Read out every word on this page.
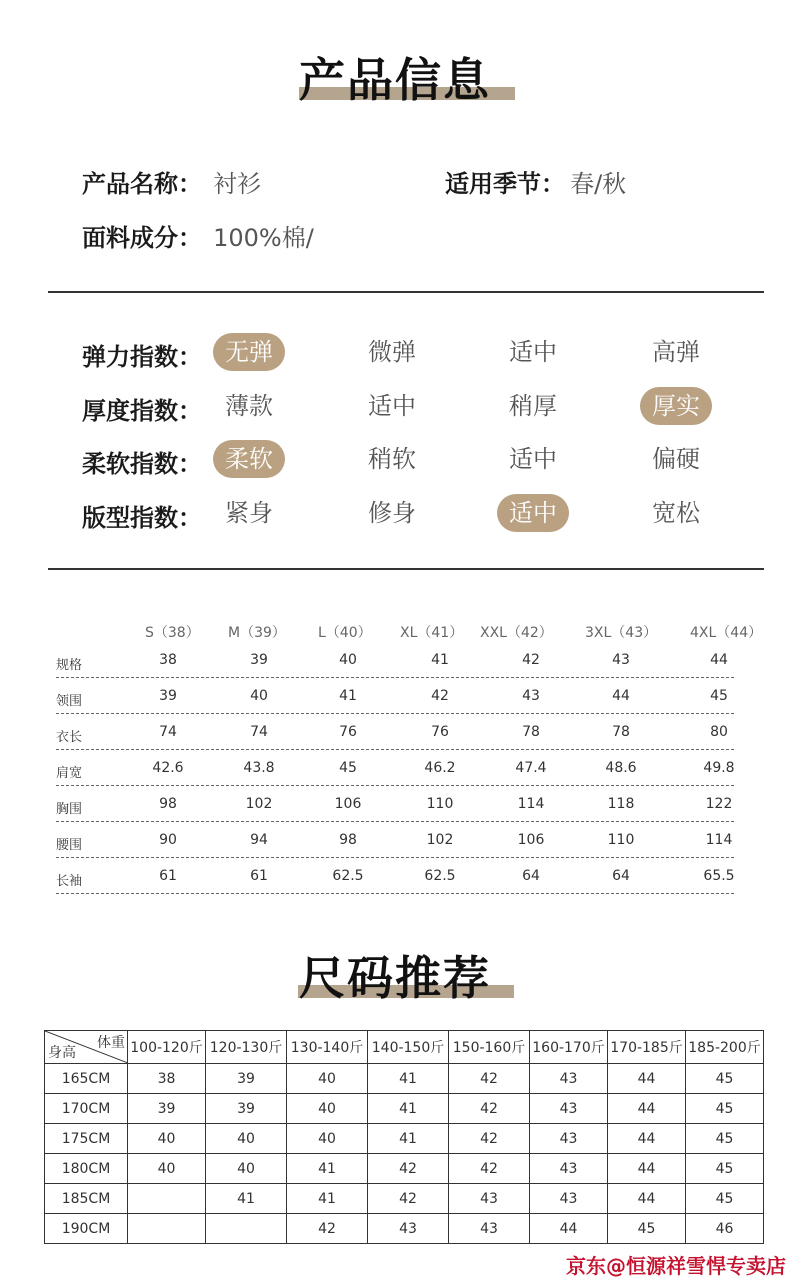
产品信息
产品名称： 衬衫	适用季节： 春/秋
面料成分： 100%棉/
弹力指数： 无弹	微弹	适中	高弹
厚度指数： 薄款	适中	稍厚	厚实
柔软指数： 柔软	稍软	适中	偏硬
版型指数： 紧身	修身	适中	宽松
S（38） M（39） L（40） XL（41） XXL（42） 3XL（43） 4XL（44）
规格	38	39	40	41	42	43	44
领围	39	40	41	42	43	44	45
衣长	74	74	76	76	78	78	80
肩宽	42.6	43.8	45	46.2	47.4	48.6	49.8
胸围	98	102	106	110	114	118	122
腰围	90	94	98	102	106	110	114
长袖	61	61	62.5	62.5	64	64	65.5
尺码推荐
体重
身高	100-120斤	120-130斤	130-140斤	140-150斤	150-160斤	160-170斤	170-185斤	185-200斤
165CM	38	39	40	41	42	43	44	45
170CM	39	39	40	41	42	43	44	45
175CM	40	40	40	41	42	43	44	45
180CM	40	40	41	42	42	43	44	45
185CM		41	41	42	43	43	44	45
190CM			42	43	43	44	45	46
京东@恒源祥雪悍专卖店
